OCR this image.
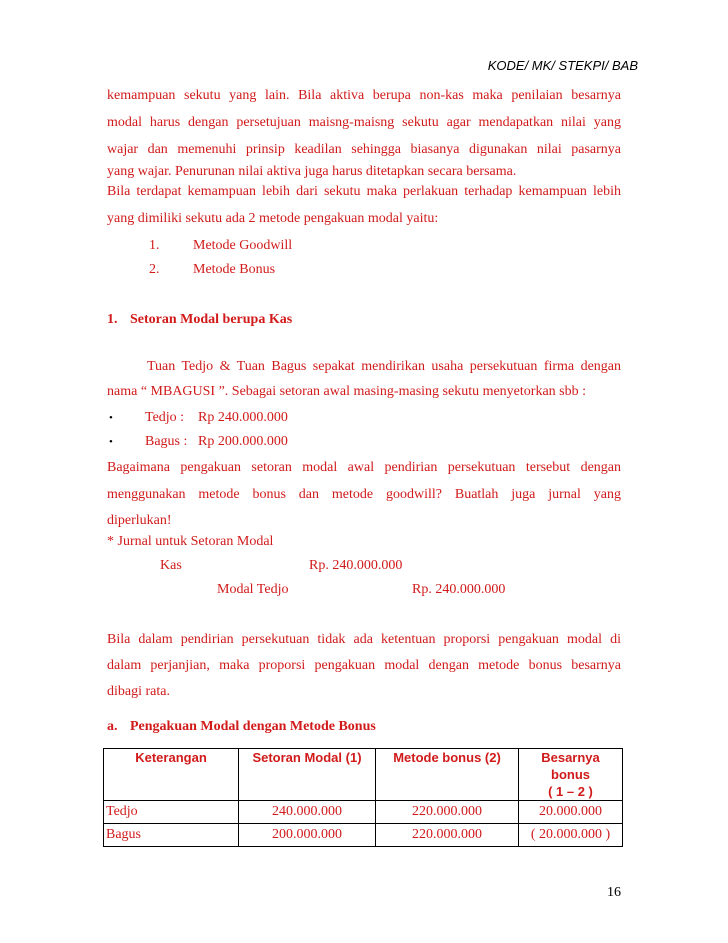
KODE/ MK/ STEKPI/ BAB
kemampuan sekutu yang lain. Bila aktiva berupa non-kas maka penilaian besarnya
modal harus dengan persetujuan maisng-maisng sekutu agar mendapatkan nilai yang
wajar dan memenuhi prinsip keadilan sehingga biasanya digunakan nilai pasarnya
yang wajar. Penurunan nilai aktiva juga harus ditetapkan secara bersama.
Bila terdapat kemampuan lebih dari sekutu maka perlakuan terhadap kemampuan lebih
yang dimiliki sekutu ada 2 metode pengakuan modal yaitu:
1. Metode Goodwill
2. Metode Bonus
1. Setoran Modal berupa Kas
Tuan Tedjo & Tuan Bagus sepakat mendirikan usaha persekutuan firma dengan
nama “ MBAGUSI ”. Sebagai setoran awal masing-masing sekutu menyetorkan sbb :
• Tedjo : Rp 240.000.000
• Bagus : Rp 200.000.000
Bagaimana pengakuan setoran modal awal pendirian persekutuan tersebut dengan
menggunakan metode bonus dan metode goodwill? Buatlah juga jurnal yang
diperlukan!
* Jurnal untuk Setoran Modal
Kas	Rp. 240.000.000
Modal Tedjo	Rp. 240.000.000
Bila dalam pendirian persekutuan tidak ada ketentuan proporsi pengakuan modal di
dalam perjanjian, maka proporsi pengakuan modal dengan metode bonus besarnya
dibagi rata.
a. Pengakuan Modal dengan Metode Bonus
Keterangan	Setoran Modal (1)	Metode bonus (2)	Besarnya bonus
( 1 – 2 )

Tedjo	240.000.000	220.000.000	20.000.000
Bagus	200.000.000	220.000.000	( 20.000.000 )
16
